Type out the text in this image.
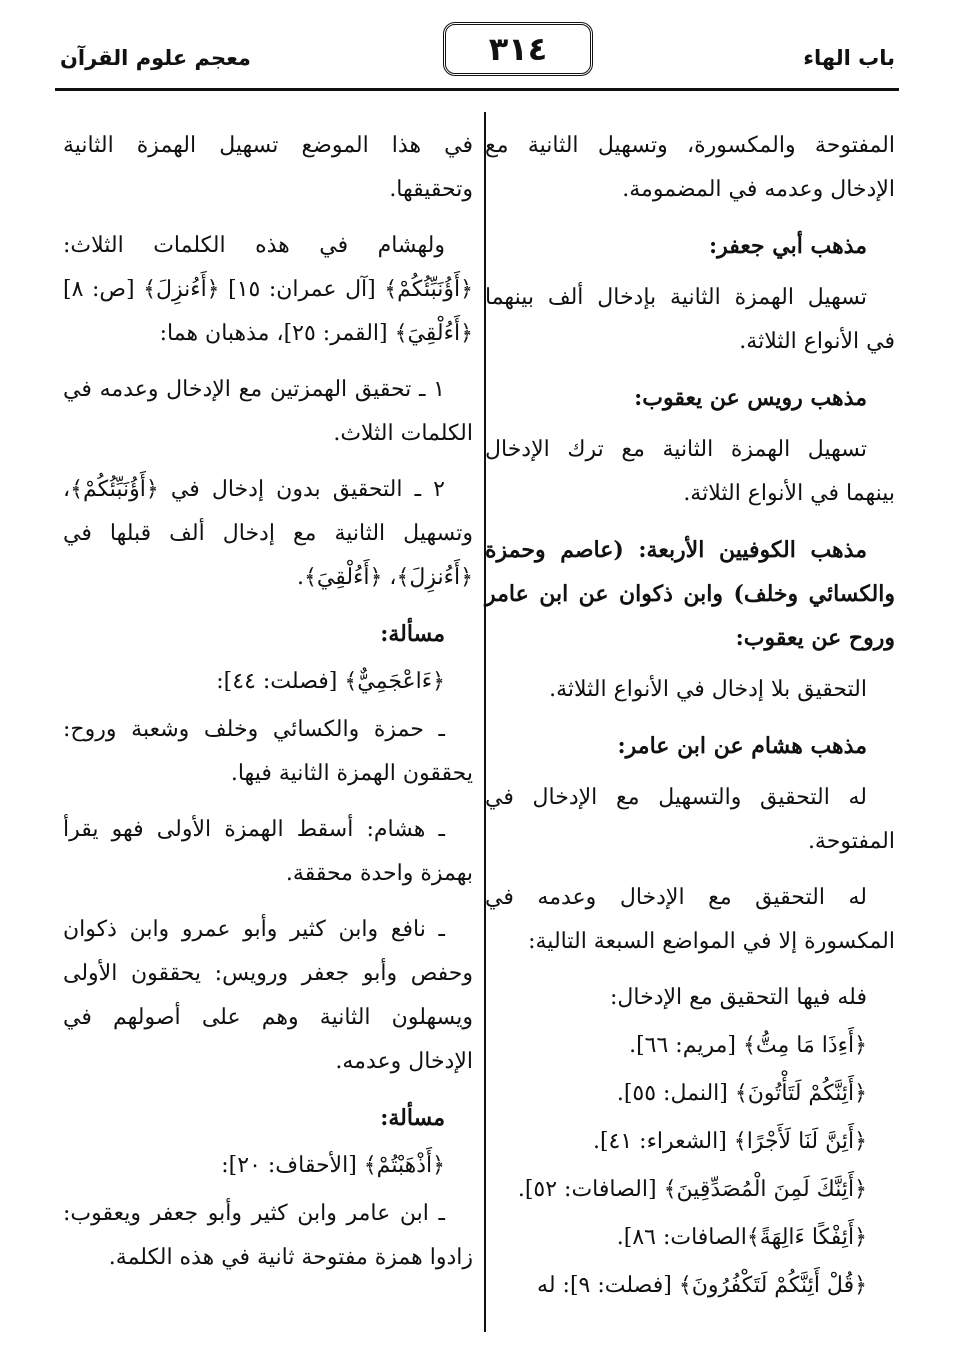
باب الهاء
٣١٤
معجم علوم القرآن

المفتوحة والمكسورة، وتسهيل الثانية مع الإدخال وعدمه في المضمومة.

مذهب أبي جعفر:

تسهيل الهمزة الثانية بإدخال ألف بينهما في الأنواع الثلاثة.

مذهب رويس عن يعقوب:

تسهيل الهمزة الثانية مع ترك الإدخال بينهما في الأنواع الثلاثة.

مذهب الكوفيين الأربعة: (عاصم وحمزة والكسائي وخلف) وابن ذكوان عن ابن عامر وروح عن يعقوب:

التحقيق بلا إدخال في الأنواع الثلاثة.

مذهب هشام عن ابن عامر:

له التحقيق والتسهيل مع الإدخال في المفتوحة.

له التحقيق مع الإدخال وعدمه في المكسورة إلا في المواضع السبعة التالية:

فله فيها التحقيق مع الإدخال:

﴿أَءِذَا مَا مِتُّ﴾ [مريم: ٦٦].

﴿أَئِنَّكُمْ لَتَأْتُونَ﴾ [النمل: ٥٥].

﴿أَئِنَّ لَنَا لَأَجْرًا﴾ [الشعراء: ٤١].

﴿أَئِنَّكَ لَمِنَ الْمُصَدِّقِينَ﴾ [الصافات: ٥٢].

﴿أَئِفْكًا ءَالِهَةً﴾الصافات: ٨٦].

﴿قُلْ أَئِنَّكُمْ لَتَكْفُرُونَ﴾ [فصلت: ٩]: له

في هذا الموضع تسهيل الهمزة الثانية وتحقيقها.

ولهشام في هذه الكلمات الثلاث: ﴿أَؤُنَبِّئُكُمْ﴾ [آل عمران: ١٥] ﴿أَءُنزِلَ﴾ [ص: ٨] ﴿أَءُلْقِيَ﴾ [القمر: ٢٥]، مذهبان هما:

١ ـ تحقيق الهمزتين مع الإدخال وعدمه في الكلمات الثلاث.

٢ ـ التحقيق بدون إدخال في ﴿أَؤُنَبِّئُكُمْ﴾، وتسهيل الثانية مع إدخال ألف قبلها في ﴿أَءُنزِلَ﴾، ﴿أَءُلْقِيَ﴾.

مسألة:

﴿ءَاعْجَمِيٌّ﴾ [فصلت: ٤٤]:

ـ حمزة والكسائي وخلف وشعبة وروح: يحققون الهمزة الثانية فيها.

ـ هشام: أسقط الهمزة الأولى فهو يقرأ بهمزة واحدة محققة.

ـ نافع وابن كثير وأبو عمرو وابن ذكوان وحفص وأبو جعفر ورويس: يحققون الأولى ويسهلون الثانية وهم على أصولهم في الإدخال وعدمه.

مسألة:

﴿أَذْهَبْتُمْ﴾ [الأحقاف: ٢٠]:

ـ ابن عامر وابن كثير وأبو جعفر ويعقوب: زادوا همزة مفتوحة ثانية في هذه الكلمة.
